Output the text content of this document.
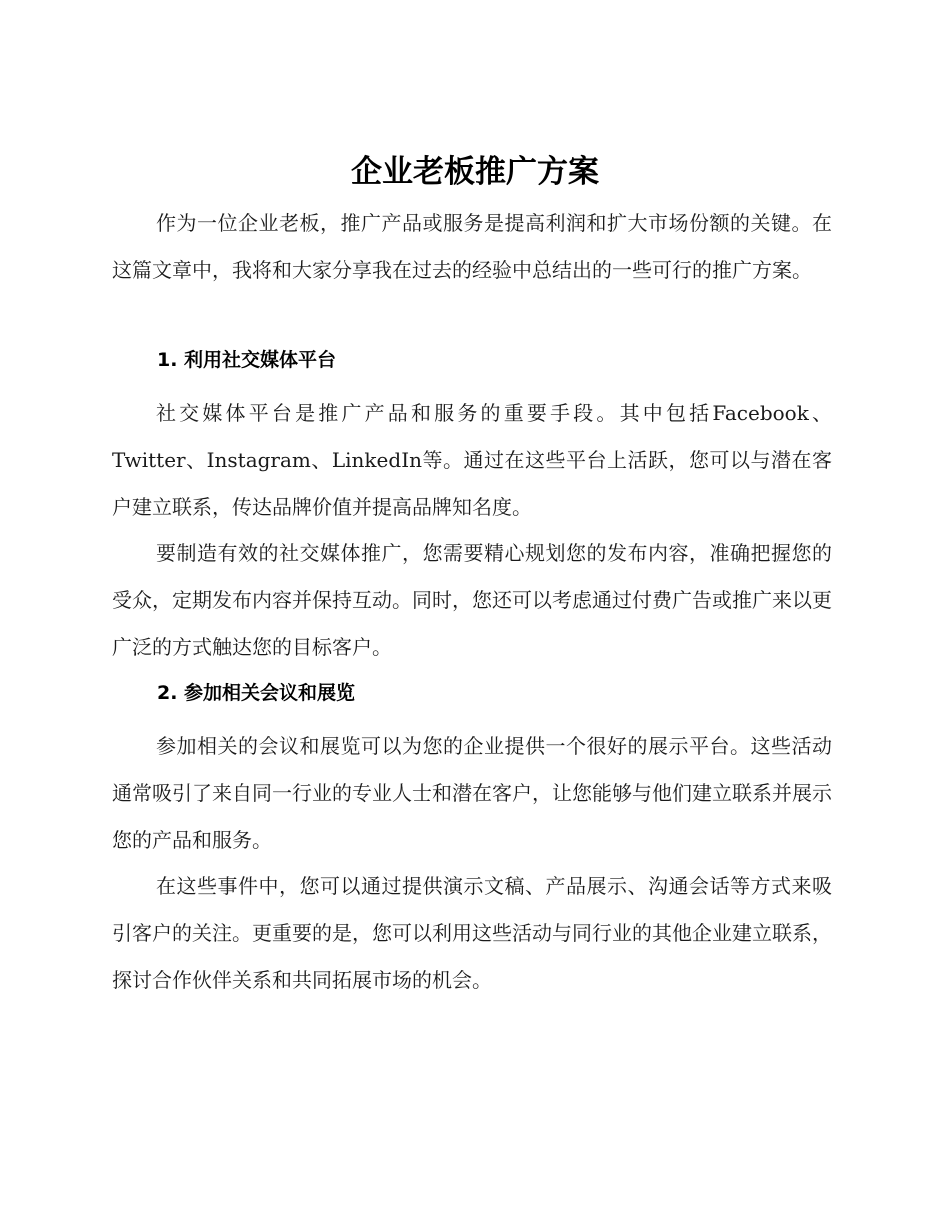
企业老板推广方案

作为一位企业老板，推广产品或服务是提高利润和扩大市场份额的关键。在这篇文章中，我将和大家分享我在过去的经验中总结出的一些可行的推广方案。

1. 利用社交媒体平台

社交媒体平台是推广产品和服务的重要手段。其中包括Facebook、Twitter、Instagram、LinkedIn等。通过在这些平台上活跃，您可以与潜在客户建立联系，传达品牌价值并提高品牌知名度。

要制造有效的社交媒体推广，您需要精心规划您的发布内容，准确把握您的受众，定期发布内容并保持互动。同时，您还可以考虑通过付费广告或推广来以更广泛的方式触达您的目标客户。

2. 参加相关会议和展览

参加相关的会议和展览可以为您的企业提供一个很好的展示平台。这些活动通常吸引了来自同一行业的专业人士和潜在客户，让您能够与他们建立联系并展示您的产品和服务。

在这些事件中，您可以通过提供演示文稿、产品展示、沟通会话等方式来吸引客户的关注。更重要的是，您可以利用这些活动与同行业的其他企业建立联系，探讨合作伙伴关系和共同拓展市场的机会。
